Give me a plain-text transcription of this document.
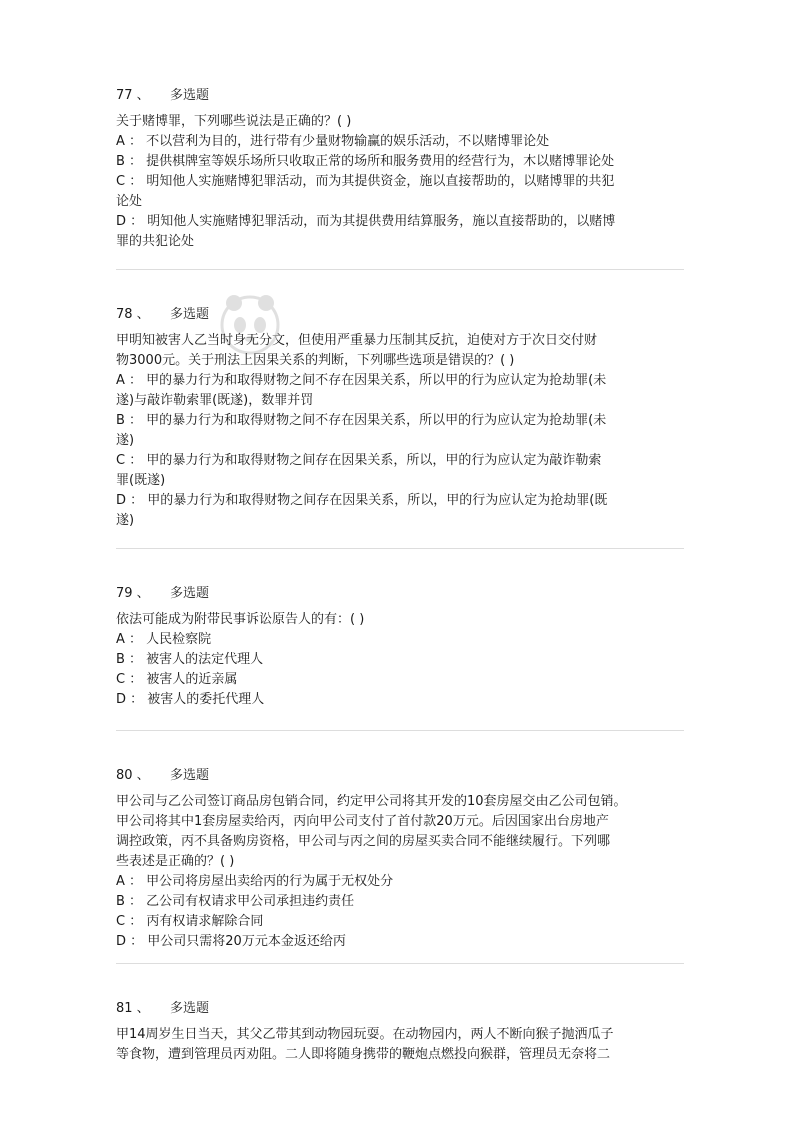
77 、 多选题
关于赌博罪，下列哪些说法是正确的？( )
A ： 不以营利为目的，进行带有少量财物输赢的娱乐活动，不以赌博罪论处
B ： 提供棋牌室等娱乐场所只收取正常的场所和服务费用的经营行为，木以赌博罪论处
C ： 明知他人实施赌博犯罪活动，而为其提供资金，施以直接帮助的，以赌博罪的共犯
论处
D ： 明知他人实施赌博犯罪活动，而为其提供费用结算服务，施以直接帮助的，以赌博
罪的共犯论处
78 、 多选题
甲明知被害人乙当时身无分文，但使用严重暴力压制其反抗，迫使对方于次日交付财
物3000元。关于刑法上因果关系的判断，下列哪些选项是错误的？( )
A ： 甲的暴力行为和取得财物之间不存在因果关系，所以甲的行为应认定为抢劫罪(未
遂)与敲诈勒索罪(既遂)，数罪并罚
B ： 甲的暴力行为和取得财物之间不存在因果关系，所以甲的行为应认定为抢劫罪(未
遂)
C ： 甲的暴力行为和取得财物之间存在因果关系，所以，甲的行为应认定为敲诈勒索
罪(既遂)
D ： 甲的暴力行为和取得财物之间存在因果关系，所以，甲的行为应认定为抢劫罪(既
遂)
79 、 多选题
依法可能成为附带民事诉讼原告人的有：( )
A ： 人民检察院
B ： 被害人的法定代理人
C ： 被害人的近亲属
D ： 被害人的委托代理人
80 、 多选题
甲公司与乙公司签订商品房包销合同，约定甲公司将其开发的10套房屋交由乙公司包销。
甲公司将其中1套房屋卖给丙，丙向甲公司支付了首付款20万元。后因国家出台房地产
调控政策，丙不具备购房资格，甲公司与丙之间的房屋买卖合同不能继续履行。下列哪
些表述是正确的？( )
A ： 甲公司将房屋出卖给丙的行为属于无权处分
B ： 乙公司有权请求甲公司承担违约责任
C ： 丙有权请求解除合同
D ： 甲公司只需将20万元本金返还给丙
81 、 多选题
甲14周岁生日当天，其父乙带其到动物园玩耍。在动物园内，两人不断向猴子抛洒瓜子
等食物，遭到管理员丙劝阻。二人即将随身携带的鞭炮点燃投向猴群，管理员无奈将二
